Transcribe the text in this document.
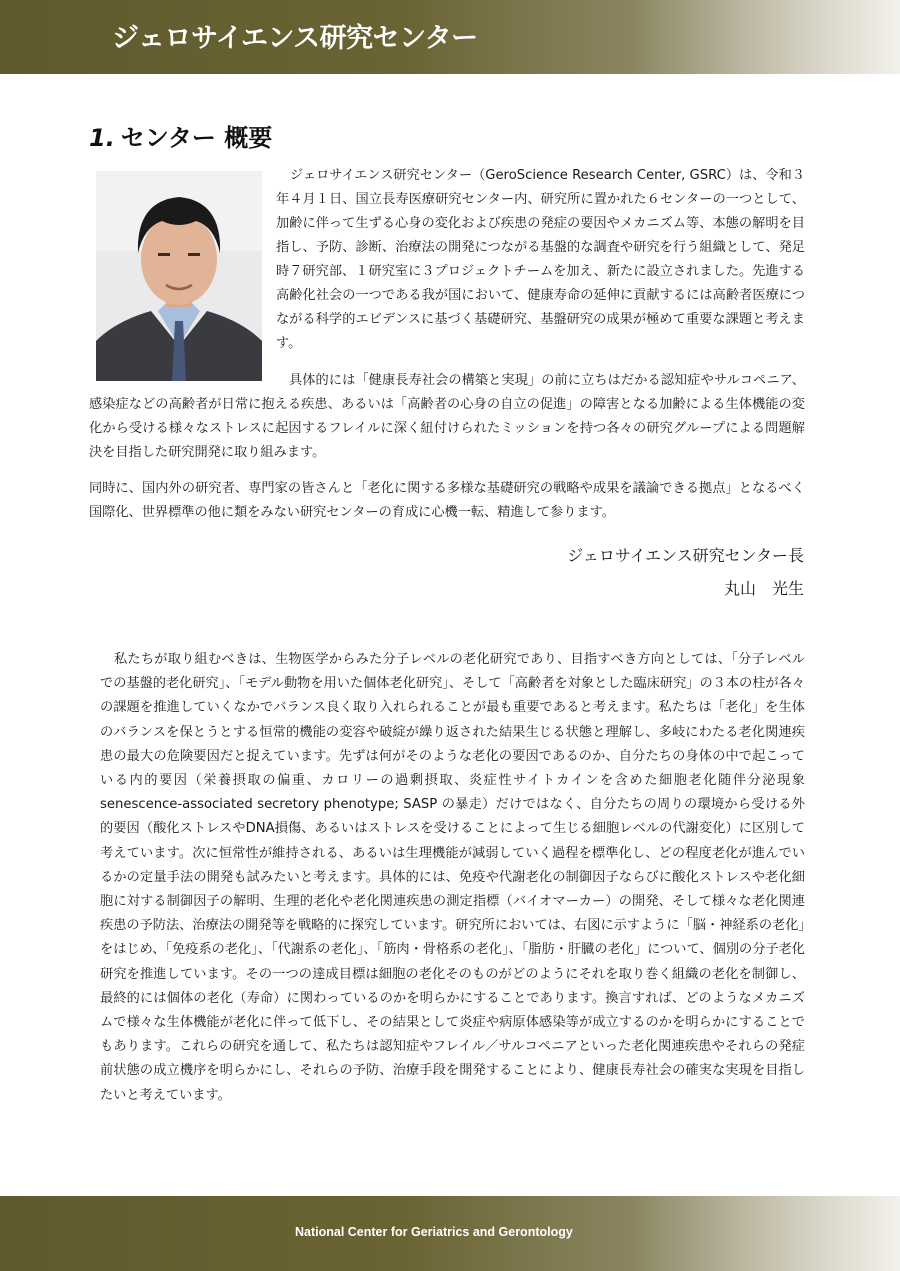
ジェロサイエンス研究センター
1. センター 概要

ジェロサイエンス研究センター（GeroScience Research Center, GSRC）は、令和３年４月１日、国立長寿医療研究センター内、研究所に置かれた６センターの一つとして、加齢に伴って生ずる心身の変化および疾患の発症の要因やメカニズム等、本態の解明を目指し、予防、診断、治療法の開発につながる基盤的な調査や研究を行う組織として、発足時７研究部、１研究室に３プロジェクトチームを加え、新たに設立されました。先進する高齢化社会の一つである我が国において、健康寿命の延伸に貢献するには高齢者医療につながる科学的エビデンスに基づく基礎研究、基盤研究の成果が極めて重要な課題と考えます。

具体的には「健康長寿社会の構築と実現」の前に立ちはだかる認知症やサルコペニア、感染症などの高齢者が日常に抱える疾患、あるいは「高齢者の心身の自立の促進」の障害となる加齢による生体機能の変化から受ける様々なストレスに起因するフレイルに深く紐付けられたミッションを持つ各々の研究グループによる問題解決を目指した研究開発に取り組みます。

同時に、国内外の研究者、専門家の皆さんと「老化に関する多様な基礎研究の戦略や成果を議論できる拠点」となるべく国際化、世界標準の他に類をみない研究センターの育成に心機一転、精進して参ります。

ジェロサイエンス研究センター長
丸山　光生

私たちが取り組むべきは、生物医学からみた分子レベルの老化研究であり、目指すべき方向としては、「分子レベルでの基盤的老化研究」、「モデル動物を用いた個体老化研究」、そして「高齢者を対象とした臨床研究」の３本の柱が各々の課題を推進していくなかでバランス良く取り入れられることが最も重要であると考えます。私たちは「老化」を生体のバランスを保とうとする恒常的機能の変容や破綻が繰り返された結果生じる状態と理解し、多岐にわたる老化関連疾患の最大の危険要因だと捉えています。先ずは何がそのような老化の要因であるのか、自分たちの身体の中で起こっている内的要因（栄養摂取の偏重、カロリーの過剰摂取、炎症性サイトカインを含めた細胞老化随伴分泌現象 senescence-associated secretory phenotype; SASP の暴走）だけではなく、自分たちの周りの環境から受ける外的要因（酸化ストレスやDNA損傷、あるいはストレスを受けることによって生じる細胞レベルの代謝変化）に区別して考えています。次に恒常性が維持される、あるいは生理機能が減弱していく過程を標準化し、どの程度老化が進んでいるかの定量手法の開発も試みたいと考えます。具体的には、免疫や代謝老化の制御因子ならびに酸化ストレスや老化細胞に対する制御因子の解明、生理的老化や老化関連疾患の測定指標（バイオマーカー）の開発、そして様々な老化関連疾患の予防法、治療法の開発等を戦略的に探究しています。研究所においては、右図に示すように「脳・神経系の老化」をはじめ、「免疫系の老化」、「代謝系の老化」、「筋肉・骨格系の老化」、「脂肪・肝臓の老化」について、個別の分子老化研究を推進しています。その一つの達成目標は細胞の老化そのものがどのようにそれを取り巻く組織の老化を制御し、最終的には個体の老化（寿命）に関わっているのかを明らかにすることであります。換言すれば、どのようなメカニズムで様々な生体機能が老化に伴って低下し、その結果として炎症や病原体感染等が成立するのかを明らかにすることでもあります。これらの研究を通して、私たちは認知症やフレイル／サルコペニアといった老化関連疾患やそれらの発症前状態の成立機序を明らかにし、それらの予防、治療手段を開発することにより、健康長寿社会の確実な実現を目指したいと考えています。

National Center for Geriatrics and Gerontology
